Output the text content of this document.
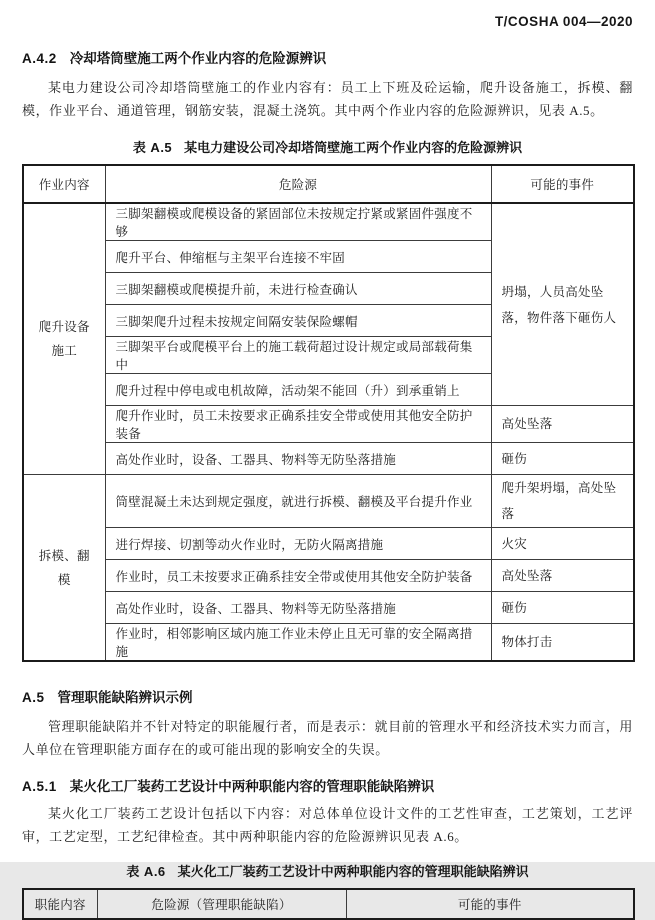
T/COSHA 004—2020
A.4.2 冷却塔筒壁施工两个作业内容的危险源辨识

某电力建设公司冷却塔筒壁施工的作业内容有：员工上下班及砼运输，爬升设备施工，拆模、翻模，作业平台、通道管理，钢筋安装，混凝土浇筑。其中两个作业内容的危险源辨识，见表 A.5。

表 A.5 某电力建设公司冷却塔筒壁施工两个作业内容的危险源辨识
作业内容	危险源	可能的事件
爬升设备施工	三脚架翻模或爬模设备的紧固部位未按规定拧紧或紧固件强度不够	坍塌，人员高处坠落，物件落下砸伤人
	爬升平台、伸缩框与主架平台连接不牢固	
	三脚架翻模或爬模提升前，未进行检查确认	
	三脚架爬升过程未按规定间隔安装保险螺帽	
	三脚架平台或爬模平台上的施工载荷超过设计规定或局部载荷集中	
	爬升过程中停电或电机故障，活动架不能回（升）到承重销上	
	爬升作业时，员工未按要求正确系挂安全带或使用其他安全防护装备	高处坠落
	高处作业时，设备、工器具、物料等无防坠落措施	砸伤
拆模、翻模	筒壁混凝土未达到规定强度，就进行拆模、翻模及平台提升作业	爬升架坍塌，高处坠落
	进行焊接、切割等动火作业时，无防火隔离措施	火灾
	作业时，员工未按要求正确系挂安全带或使用其他安全防护装备	高处坠落
	高处作业时，设备、工器具、物料等无防坠落措施	砸伤
	作业时，相邻影响区域内施工作业未停止且无可靠的安全隔离措施	物体打击
A.5 管理职能缺陷辨识示例

管理职能缺陷并不针对特定的职能履行者，而是表示：就目前的管理水平和经济技术实力而言，用人单位在管理职能方面存在的或可能出现的影响安全的失误。

A.5.1 某火化工厂装药工艺设计中两种职能内容的管理职能缺陷辨识

某火化工厂装药工艺设计包括以下内容：对总体单位设计文件的工艺性审查，工艺策划，工艺评审，工艺定型，工艺纪律检查。其中两种职能内容的危险源辨识见表 A.6。

表 A.6 某火化工厂装药工艺设计中两种职能内容的管理职能缺陷辨识
职能内容	危险源（管理职能缺陷）	可能的事件
